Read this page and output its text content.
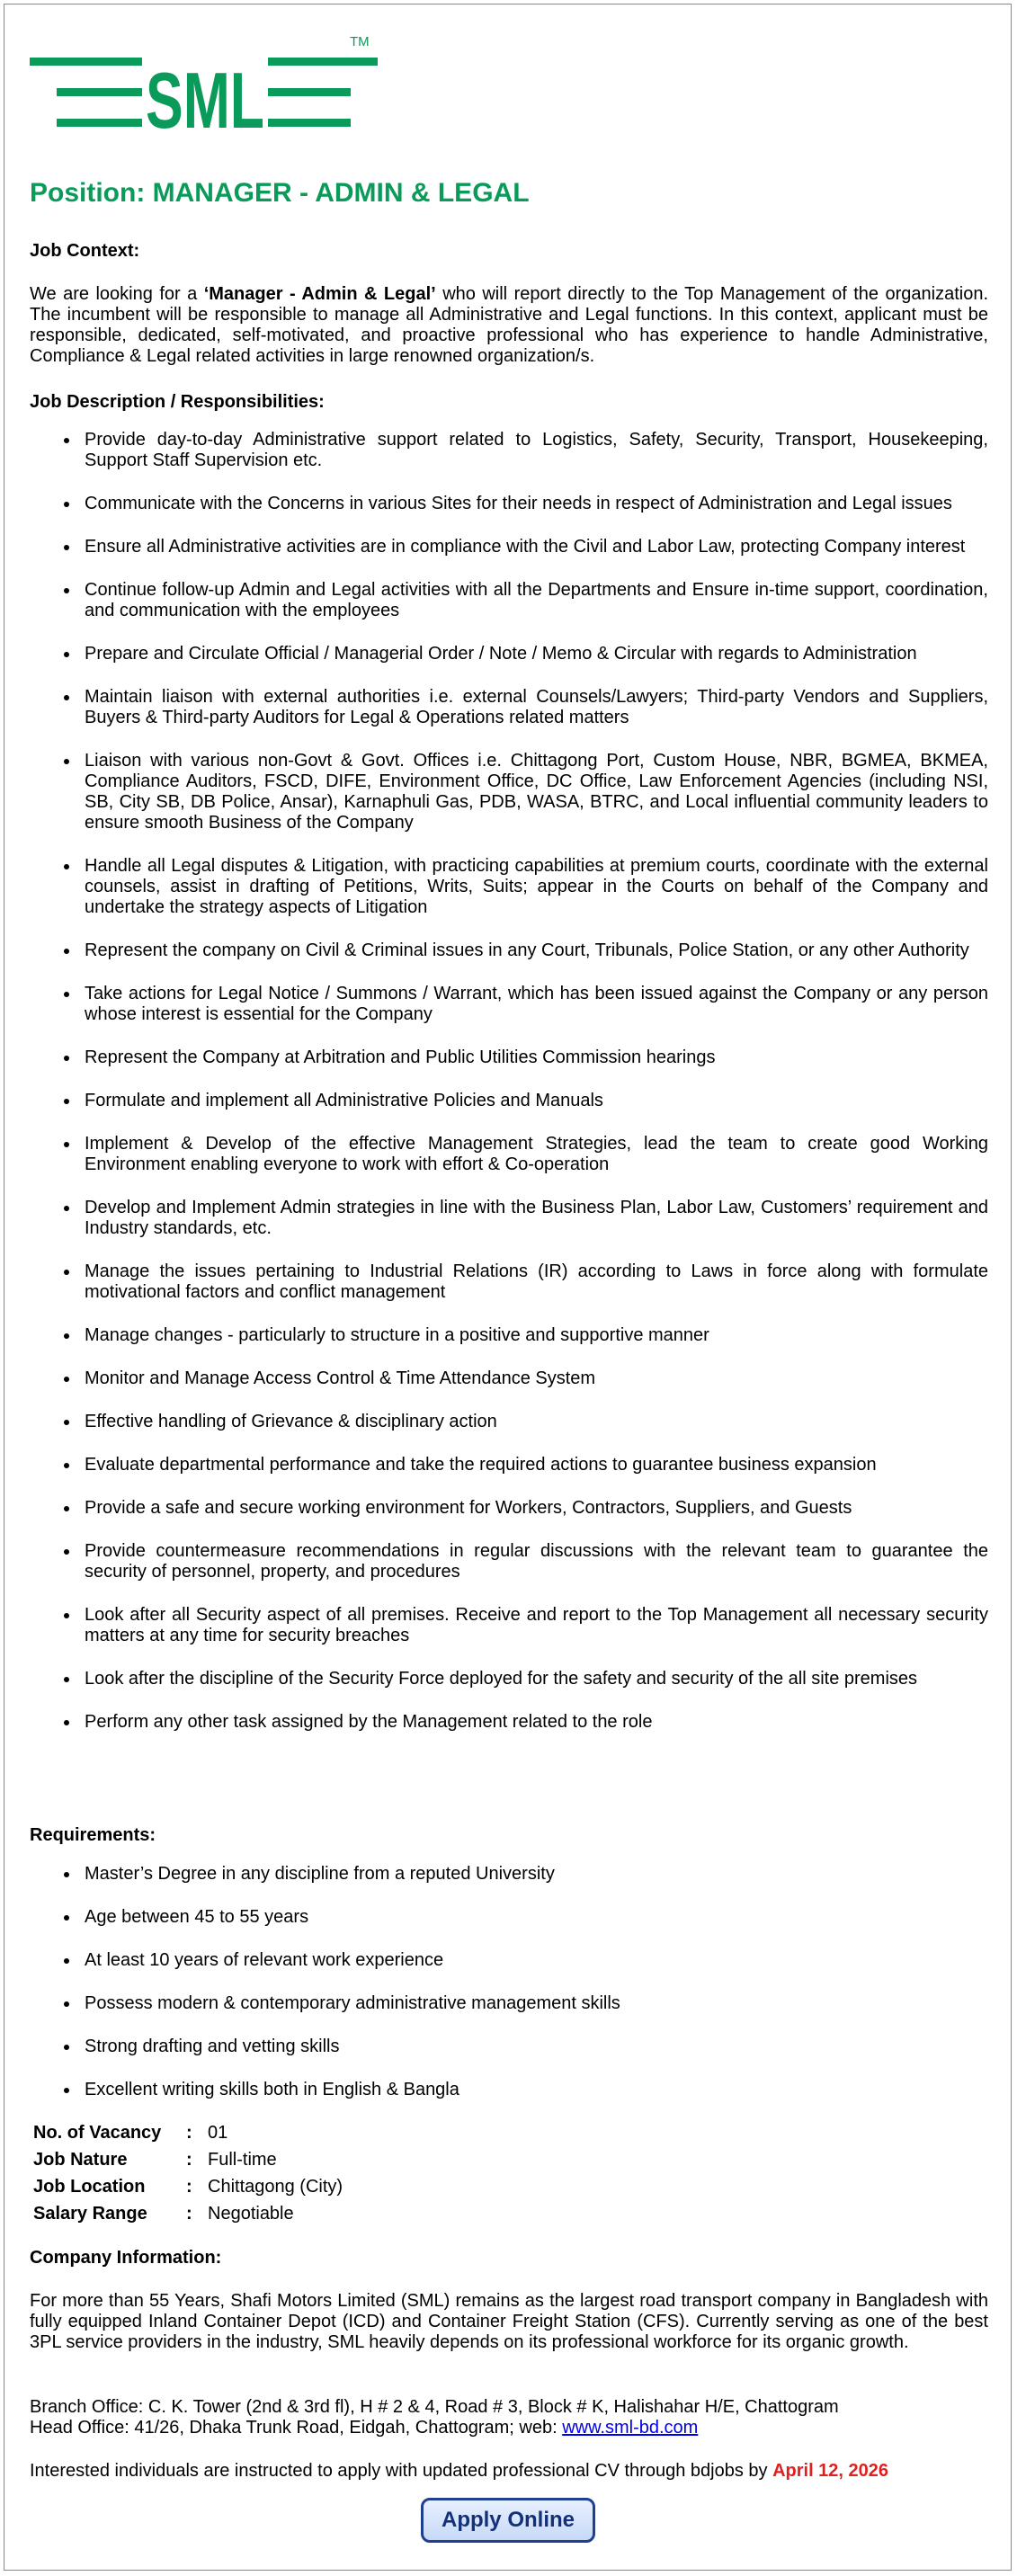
SML
TM
Position: MANAGER - ADMIN & LEGAL
Job Context:
We are looking for a ‘Manager - Admin & Legal’ who will report directly to the Top Management of the organization. The incumbent will be responsible to manage all Administrative and Legal functions. In this context, applicant must be responsible, dedicated, self-motivated, and proactive professional who has experience to handle Administrative, Compliance & Legal related activities in large renowned organization/s.
Job Description / Responsibilities:
Provide day-to-day Administrative support related to Logistics, Safety, Security, Transport, Housekeeping, Support Staff Supervision etc.
Communicate with the Concerns in various Sites for their needs in respect of Administration and Legal issues
Ensure all Administrative activities are in compliance with the Civil and Labor Law, protecting Company interest
Continue follow-up Admin and Legal activities with all the Departments and Ensure in-time support, coordination, and communication with the employees
Prepare and Circulate Official / Managerial Order / Note / Memo & Circular with regards to Administration
Maintain liaison with external authorities i.e. external Counsels/Lawyers; Third-party Vendors and Suppliers, Buyers & Third-party Auditors for Legal & Operations related matters
Liaison with various non-Govt & Govt. Offices i.e. Chittagong Port, Custom House, NBR, BGMEA, BKMEA, Compliance Auditors, FSCD, DIFE, Environment Office, DC Office, Law Enforcement Agencies (including NSI, SB, City SB, DB Police, Ansar), Karnaphuli Gas, PDB, WASA, BTRC, and Local influential community leaders to ensure smooth Business of the Company
Handle all Legal disputes & Litigation, with practicing capabilities at premium courts, coordinate with the external counsels, assist in drafting of Petitions, Writs, Suits; appear in the Courts on behalf of the Company and undertake the strategy aspects of Litigation
Represent the company on Civil & Criminal issues in any Court, Tribunals, Police Station, or any other Authority
Take actions for Legal Notice / Summons / Warrant, which has been issued against the Company or any person whose interest is essential for the Company
Represent the Company at Arbitration and Public Utilities Commission hearings
Formulate and implement all Administrative Policies and Manuals
Implement & Develop of the effective Management Strategies, lead the team to create good Working Environment enabling everyone to work with effort & Co-operation
Develop and Implement Admin strategies in line with the Business Plan, Labor Law, Customers’ requirement and Industry standards, etc.
Manage the issues pertaining to Industrial Relations (IR) according to Laws in force along with formulate motivational factors and conflict management
Manage changes - particularly to structure in a positive and supportive manner
Monitor and Manage Access Control & Time Attendance System
Effective handling of Grievance & disciplinary action
Evaluate departmental performance and take the required actions to guarantee business expansion
Provide a safe and secure working environment for Workers, Contractors, Suppliers, and Guests
Provide countermeasure recommendations in regular discussions with the relevant team to guarantee the security of personnel, property, and procedures
Look after all Security aspect of all premises. Receive and report to the Top Management all necessary security matters at any time for security breaches
Look after the discipline of the Security Force deployed for the safety and security of the all site premises
Perform any other task assigned by the Management related to the role
Requirements:
Master’s Degree in any discipline from a reputed University
Age between 45 to 55 years
At least 10 years of relevant work experience
Possess modern & contemporary administrative management skills
Strong drafting and vetting skills
Excellent writing skills both in English & Bangla
No. of Vacancy	:	01
Job Nature	:	Full-time
Job Location	:	Chittagong (City)
Salary Range	:	Negotiable
Company Information:
For more than 55 Years, Shafi Motors Limited (SML) remains as the largest road transport company in Bangladesh with fully equipped Inland Container Depot (ICD) and Container Freight Station (CFS). Currently serving as one of the best 3PL service providers in the industry, SML heavily depends on its professional workforce for its organic growth.
Branch Office: C. K. Tower (2nd & 3rd fl), H # 2 & 4, Road # 3, Block # K, Halishahar H/E, Chattogram
Head Office: 41/26, Dhaka Trunk Road, Eidgah, Chattogram; web: www.sml-bd.com
Interested individuals are instructed to apply with updated professional CV through bdjobs by April 12, 2026
Apply Online
